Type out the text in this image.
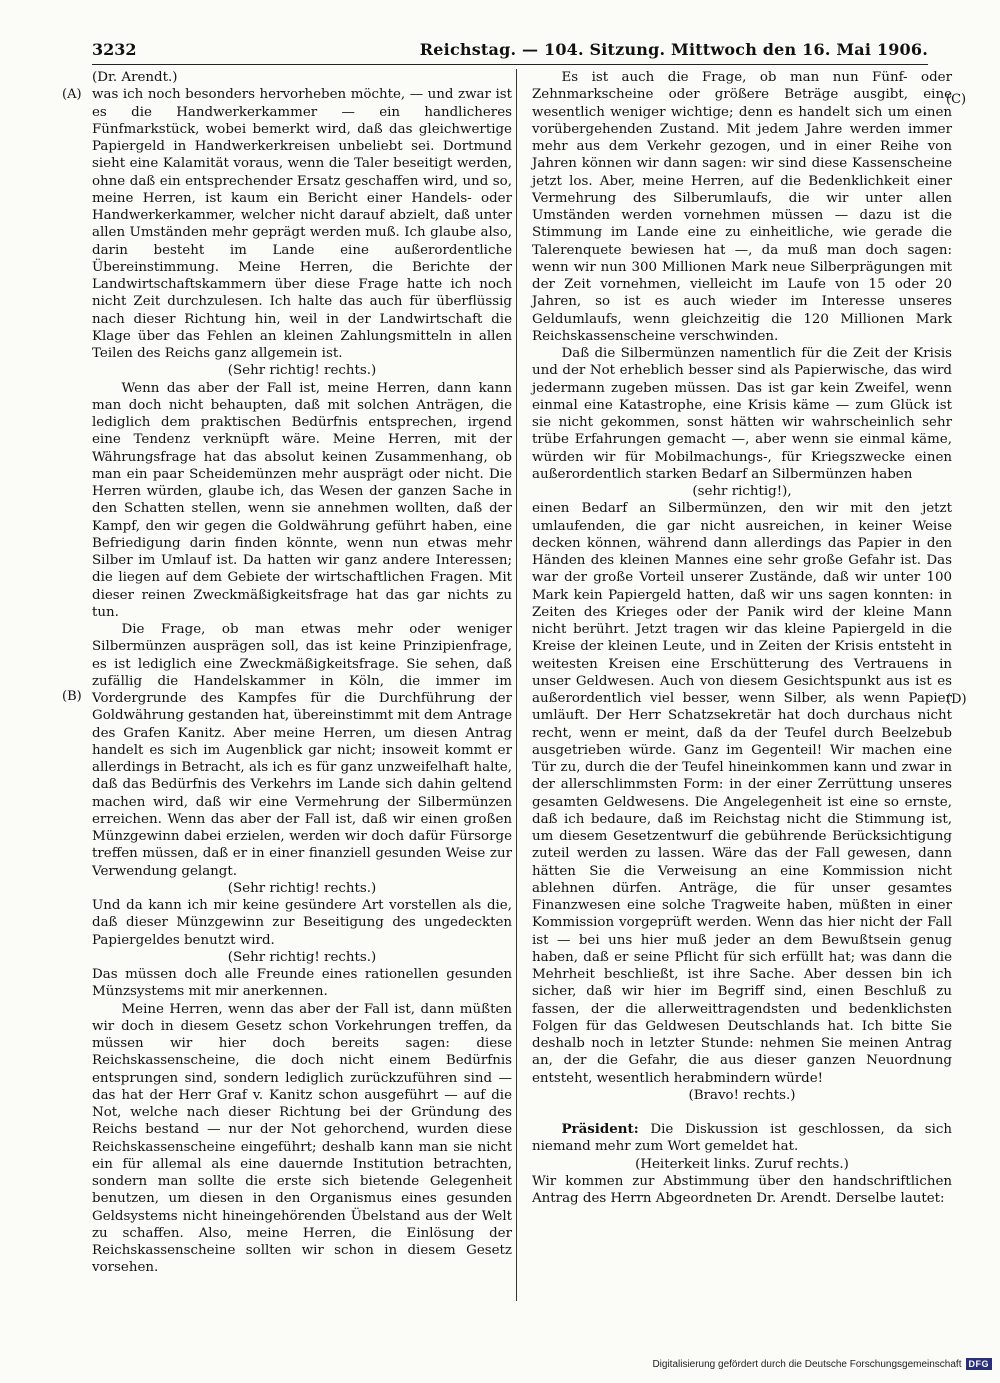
3232	Reichstag. — 104. Sitzung. Mittwoch den 16. Mai 1906.
(A)
(B)
(C)
(D)

(Dr. Arendt.)

was ich noch besonders hervorheben möchte, — und zwar ist es die Handwerkerkammer — ein handlicheres Fünfmarkstück, wobei bemerkt wird, daß das gleichwertige Papiergeld in Handwerkerkreisen unbeliebt sei. Dortmund sieht eine Kalamität voraus, wenn die Taler beseitigt werden, ohne daß ein entsprechender Ersatz geschaffen wird, und so, meine Herren, ist kaum ein Bericht einer Handels- oder Handwerkerkammer, welcher nicht darauf abzielt, daß unter allen Umständen mehr geprägt werden muß. Ich glaube also, darin besteht im Lande eine außerordentliche Übereinstimmung. Meine Herren, die Berichte der Landwirtschaftskammern über diese Frage hatte ich noch nicht Zeit durchzulesen. Ich halte das auch für überflüssig nach dieser Richtung hin, weil in der Landwirtschaft die Klage über das Fehlen an kleinen Zahlungsmitteln in allen Teilen des Reichs ganz allgemein ist.

(Sehr richtig! rechts.)

Wenn das aber der Fall ist, meine Herren, dann kann man doch nicht behaupten, daß mit solchen Anträgen, die lediglich dem praktischen Bedürfnis entsprechen, irgend eine Tendenz verknüpft wäre. Meine Herren, mit der Währungsfrage hat das absolut keinen Zusammenhang, ob man ein paar Scheidemünzen mehr ausprägt oder nicht. Die Herren würden, glaube ich, das Wesen der ganzen Sache in den Schatten stellen, wenn sie annehmen wollten, daß der Kampf, den wir gegen die Goldwährung geführt haben, eine Befriedigung darin finden könnte, wenn nun etwas mehr Silber im Umlauf ist. Da hatten wir ganz andere Interessen; die liegen auf dem Gebiete der wirtschaftlichen Fragen. Mit dieser reinen Zweckmäßigkeitsfrage hat das gar nichts zu tun.

Die Frage, ob man etwas mehr oder weniger Silbermünzen ausprägen soll, das ist keine Prinzipienfrage, es ist lediglich eine Zweckmäßigkeitsfrage. Sie sehen, daß zufällig die Handelskammer in Köln, die immer im Vordergrunde des Kampfes für die Durchführung der Goldwährung gestanden hat, übereinstimmt mit dem Antrage des Grafen Kanitz. Aber meine Herren, um diesen Antrag handelt es sich im Augenblick gar nicht; insoweit kommt er allerdings in Betracht, als ich es für ganz unzweifelhaft halte, daß das Bedürfnis des Verkehrs im Lande sich dahin geltend machen wird, daß wir eine Vermehrung der Silbermünzen erreichen. Wenn das aber der Fall ist, daß wir einen großen Münzgewinn dabei erzielen, werden wir doch dafür Fürsorge treffen müssen, daß er in einer finanziell gesunden Weise zur Verwendung gelangt.

(Sehr richtig! rechts.)

Und da kann ich mir keine gesündere Art vorstellen als die, daß dieser Münzgewinn zur Beseitigung des ungedeckten Papiergeldes benutzt wird.

(Sehr richtig! rechts.)

Das müssen doch alle Freunde eines rationellen gesunden Münzsystems mit mir anerkennen.

Meine Herren, wenn das aber der Fall ist, dann müßten wir doch in diesem Gesetz schon Vorkehrungen treffen, da müssen wir hier doch bereits sagen: diese Reichskassenscheine, die doch nicht einem Bedürfnis entsprungen sind, sondern lediglich zurückzuführen sind — das hat der Herr Graf v. Kanitz schon ausgeführt — auf die Not, welche nach dieser Richtung bei der Gründung des Reichs bestand — nur der Not gehorchend, wurden diese Reichskassenscheine eingeführt; deshalb kann man sie nicht ein für allemal als eine dauernde Institution betrachten, sondern man sollte die erste sich bietende Gelegenheit benutzen, um diesen in den Organismus eines gesunden Geldsystems nicht hineingehörenden Übelstand aus der Welt zu schaffen. Also, meine Herren, die Einlösung der Reichskassenscheine sollten wir schon in diesem Gesetz vorsehen.

Es ist auch die Frage, ob man nun Fünf- oder Zehnmarkscheine oder größere Beträge ausgibt, eine wesentlich weniger wichtige; denn es handelt sich um einen vorübergehenden Zustand. Mit jedem Jahre werden immer mehr aus dem Verkehr gezogen, und in einer Reihe von Jahren können wir dann sagen: wir sind diese Kassenscheine jetzt los. Aber, meine Herren, auf die Bedenklichkeit einer Vermehrung des Silberumlaufs, die wir unter allen Umständen werden vornehmen müssen — dazu ist die Stimmung im Lande eine zu einheitliche, wie gerade die Talerenquete bewiesen hat —, da muß man doch sagen: wenn wir nun 300 Millionen Mark neue Silberprägungen mit der Zeit vornehmen, vielleicht im Laufe von 15 oder 20 Jahren, so ist es auch wieder im Interesse unseres Geldumlaufs, wenn gleichzeitig die 120 Millionen Mark Reichskassenscheine verschwinden.

Daß die Silbermünzen namentlich für die Zeit der Krisis und der Not erheblich besser sind als Papierwische, das wird jedermann zugeben müssen. Das ist gar kein Zweifel, wenn einmal eine Katastrophe, eine Krisis käme — zum Glück ist sie nicht gekommen, sonst hätten wir wahrscheinlich sehr trübe Erfahrungen gemacht —, aber wenn sie einmal käme, würden wir für Mobilmachungs-, für Kriegszwecke einen außerordentlich starken Bedarf an Silbermünzen haben

(sehr richtig!),

einen Bedarf an Silbermünzen, den wir mit den jetzt umlaufenden, die gar nicht ausreichen, in keiner Weise decken können, während dann allerdings das Papier in den Händen des kleinen Mannes eine sehr große Gefahr ist. Das war der große Vorteil unserer Zustände, daß wir unter 100 Mark kein Papiergeld hatten, daß wir uns sagen konnten: in Zeiten des Krieges oder der Panik wird der kleine Mann nicht berührt. Jetzt tragen wir das kleine Papiergeld in die Kreise der kleinen Leute, und in Zeiten der Krisis entsteht in weitesten Kreisen eine Erschütterung des Vertrauens in unser Geldwesen. Auch von diesem Gesichtspunkt aus ist es außerordentlich viel besser, wenn Silber, als wenn Papier umläuft. Der Herr Schatzsekretär hat doch durchaus nicht recht, wenn er meint, daß da der Teufel durch Beelzebub ausgetrieben würde. Ganz im Gegenteil! Wir machen eine Tür zu, durch die der Teufel hineinkommen kann und zwar in der allerschlimmsten Form: in der einer Zerrüttung unseres gesamten Geldwesens. Die Angelegenheit ist eine so ernste, daß ich bedaure, daß im Reichstag nicht die Stimmung ist, um diesem Gesetzentwurf die gebührende Berücksichtigung zuteil werden zu lassen. Wäre das der Fall gewesen, dann hätten Sie die Verweisung an eine Kommission nicht ablehnen dürfen. Anträge, die für unser gesamtes Finanzwesen eine solche Tragweite haben, müßten in einer Kommission vorgeprüft werden. Wenn das hier nicht der Fall ist — bei uns hier muß jeder an dem Bewußtsein genug haben, daß er seine Pflicht für sich erfüllt hat; was dann die Mehrheit beschließt, ist ihre Sache. Aber dessen bin ich sicher, daß wir hier im Begriff sind, einen Beschluß zu fassen, der die allerweittragendsten und bedenklichsten Folgen für das Geldwesen Deutschlands hat. Ich bitte Sie deshalb noch in letzter Stunde: nehmen Sie meinen Antrag an, der die Gefahr, die aus dieser ganzen Neuordnung entsteht, wesentlich herabmindern würde!

(Bravo! rechts.)

Präsident: Die Diskussion ist geschlossen, da sich niemand mehr zum Wort gemeldet hat.

(Heiterkeit links. Zuruf rechts.)

Wir kommen zur Abstimmung über den handschriftlichen Antrag des Herrn Abgeordneten Dr. Arendt. Derselbe lautet:

Digitalisierung gefördert durch die Deutsche Forschungsgemeinschaft DFG
